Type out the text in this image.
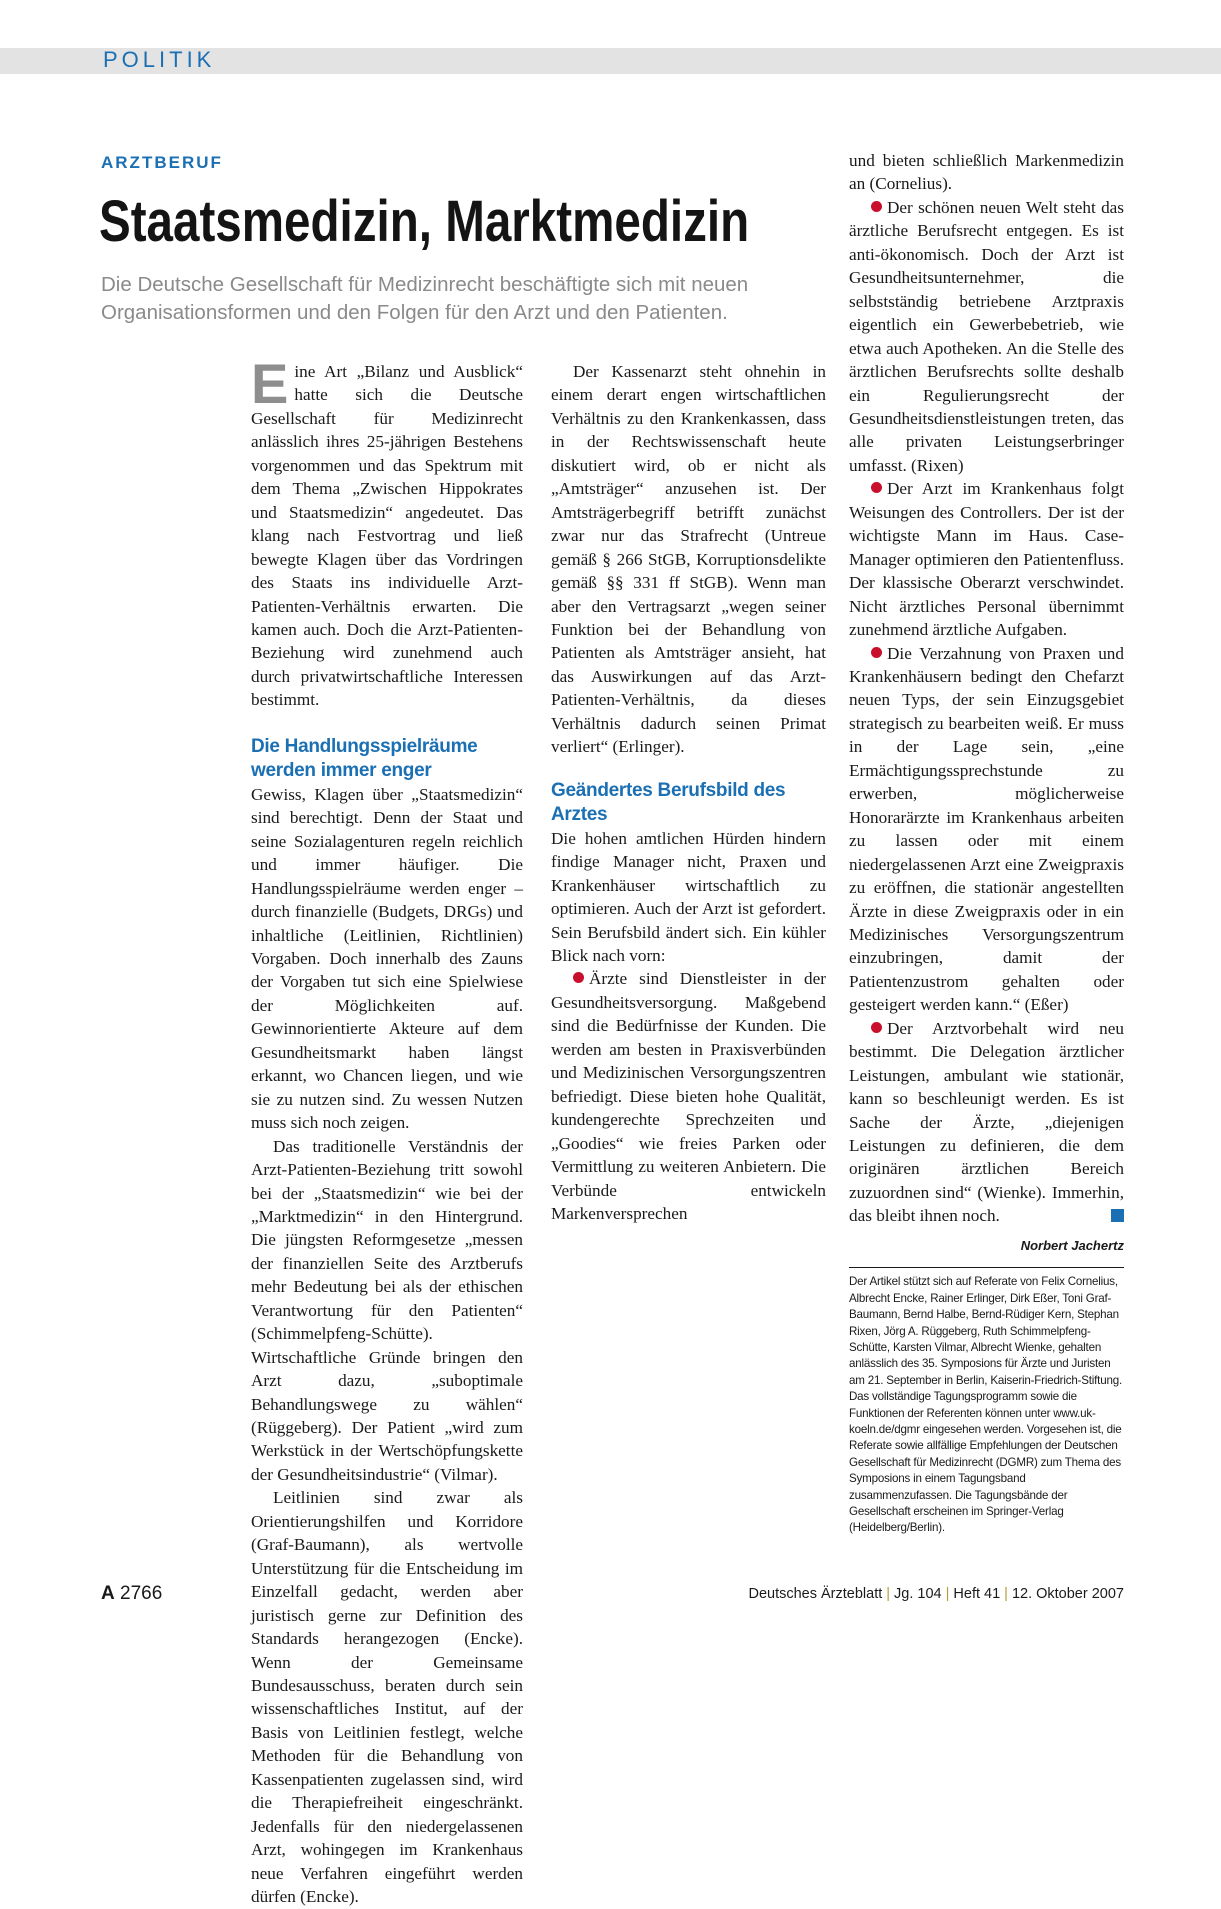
POLITIK
ARZTBERUF
Staatsmedizin, Marktmedizin
Die Deutsche Gesellschaft für Medizinrecht beschäftigte sich mit neuen Organisationsformen und den Folgen für den Arzt und den Patienten.

Eine Art „Bilanz und Ausblick“ hatte sich die Deutsche Gesellschaft für Medizinrecht anlässlich ihres 25-jährigen Bestehens vorgenommen und das Spektrum mit dem Thema „Zwischen Hippokrates und Staatsmedizin“ angedeutet. Das klang nach Festvortrag und ließ bewegte Klagen über das Vordringen des Staats ins individuelle Arzt-Patienten-Verhältnis erwarten. Die kamen auch. Doch die Arzt-Patienten-Beziehung wird zunehmend auch durch privatwirtschaftliche Interessen bestimmt.

Die Handlungsspielräume werden immer enger

Gewiss, Klagen über „Staatsmedizin“ sind berechtigt. Denn der Staat und seine Sozialagenturen regeln reichlich und immer häufiger. Die Handlungsspielräume werden enger – durch finanzielle (Budgets, DRGs) und inhaltliche (Leitlinien, Richtlinien) Vorgaben. Doch innerhalb des Zauns der Vorgaben tut sich eine Spielwiese der Möglichkeiten auf. Gewinnorientierte Akteure auf dem Gesundheitsmarkt haben längst erkannt, wo Chancen liegen, und wie sie zu nutzen sind. Zu wessen Nutzen muss sich noch zeigen.

Das traditionelle Verständnis der Arzt-Patienten-Beziehung tritt sowohl bei der „Staatsmedizin“ wie bei der „Marktmedizin“ in den Hintergrund. Die jüngsten Reformgesetze „messen der finanziellen Seite des Arztberufs mehr Bedeutung bei als der ethischen Verantwortung für den Patienten“ (Schimmelpfeng-Schütte). Wirtschaftliche Gründe bringen den Arzt dazu, „suboptimale Behandlungswege zu wählen“ (Rüggeberg). Der Patient „wird zum Werkstück in der Wertschöpfungskette der Gesundheitsindustrie“ (Vilmar).

Leitlinien sind zwar als Orientierungshilfen und Korridore (Graf-Baumann), als wertvolle Unterstützung für die Entscheidung im Einzelfall gedacht, werden aber juristisch gerne zur Definition des Standards herangezogen (Encke). Wenn der Gemeinsame Bundesausschuss, beraten durch sein wissenschaftliches Institut, auf der Basis von Leitlinien festlegt, welche Methoden für die Behandlung von Kassenpatienten zugelassen sind, wird die Therapiefreiheit eingeschränkt. Jedenfalls für den niedergelassenen Arzt, wohingegen im Krankenhaus neue Verfahren eingeführt werden dürfen (Encke).

Der Kassenarzt steht ohnehin in einem derart engen wirtschaftlichen Verhältnis zu den Krankenkassen, dass in der Rechtswissenschaft heute diskutiert wird, ob er nicht als „Amtsträger“ anzusehen ist. Der Amtsträgerbegriff betrifft zunächst zwar nur das Strafrecht (Untreue gemäß § 266 StGB, Korruptionsdelikte gemäß §§ 331 ff StGB). Wenn man aber den Vertragsarzt „wegen seiner Funktion bei der Behandlung von Patienten als Amtsträger ansieht, hat das Auswirkungen auf das Arzt-Patienten-Verhältnis, da dieses Verhältnis dadurch seinen Primat verliert“ (Erlinger).

Geändertes Berufsbild des Arztes

Die hohen amtlichen Hürden hindern findige Manager nicht, Praxen und Krankenhäuser wirtschaftlich zu optimieren. Auch der Arzt ist gefordert. Sein Berufsbild ändert sich. Ein kühler Blick nach vorn:

Ärzte sind Dienstleister in der Gesundheitsversorgung. Maßgebend sind die Bedürfnisse der Kunden. Die werden am besten in Praxisverbünden und Medizinischen Versorgungszentren befriedigt. Diese bieten hohe Qualität, kundengerechte Sprechzeiten und „Goodies“ wie freies Parken oder Vermittlung zu weiteren Anbietern. Die Verbünde entwickeln Markenversprechen

und bieten schließlich Markenmedizin an (Cornelius).

Der schönen neuen Welt steht das ärztliche Berufsrecht entgegen. Es ist anti-ökonomisch. Doch der Arzt ist Gesundheitsunternehmer, die selbstständig betriebene Arztpraxis eigentlich ein Gewerbebetrieb, wie etwa auch Apotheken. An die Stelle des ärztlichen Berufsrechts sollte deshalb ein Regulierungsrecht der Gesundheitsdienstleistungen treten, das alle privaten Leistungserbringer umfasst. (Rixen)

Der Arzt im Krankenhaus folgt Weisungen des Controllers. Der ist der wichtigste Mann im Haus. Case-Manager optimieren den Patientenfluss. Der klassische Oberarzt verschwindet. Nicht ärztliches Personal übernimmt zunehmend ärztliche Aufgaben.

Die Verzahnung von Praxen und Krankenhäusern bedingt den Chefarzt neuen Typs, der sein Einzugsgebiet strategisch zu bearbeiten weiß. Er muss in der Lage sein, „eine Ermächtigungssprechstunde zu erwerben, möglicherweise Honorarärzte im Krankenhaus arbeiten zu lassen oder mit einem niedergelassenen Arzt eine Zweigpraxis zu eröffnen, die stationär angestellten Ärzte in diese Zweigpraxis oder in ein Medizinisches Versorgungszentrum einzubringen, damit der Patientenzustrom gehalten oder gesteigert werden kann.“ (Eßer)

Der Arztvorbehalt wird neu bestimmt. Die Delegation ärztlicher Leistungen, ambulant wie stationär, kann so beschleunigt werden. Es ist Sache der Ärzte, „diejenigen Leistungen zu definieren, die dem originären ärztlichen Bereich zuzuordnen sind“ (Wienke). Immerhin, das bleibt ihnen noch.

Norbert Jachertz
Der Artikel stützt sich auf Referate von Felix Cornelius, Albrecht Encke, Rainer Erlinger, Dirk Eßer, Toni Graf-Baumann, Bernd Halbe, Bernd-Rüdiger Kern, Stephan Rixen, Jörg A. Rüggeberg, Ruth Schimmelpfeng-Schütte, Karsten Vilmar, Albrecht Wienke, gehalten anlässlich des 35. Symposions für Ärzte und Juristen am 21. September in Berlin, Kaiserin-Friedrich-Stiftung. Das vollständige Tagungsprogramm sowie die Funktionen der Referenten können unter www.uk-koeln.de/dgmr eingesehen werden. Vorgesehen ist, die Referate sowie allfällige Empfehlungen der Deutschen Gesellschaft für Medizinrecht (DGMR) zum Thema des Symposions in einem Tagungsband zusammenzufassen. Die Tagungsbände der Gesellschaft erscheinen im Springer-Verlag (Heidelberg/Berlin).
A 2766	Deutsches Ärzteblatt | Jg. 104 | Heft 41 | 12. Oktober 2007
